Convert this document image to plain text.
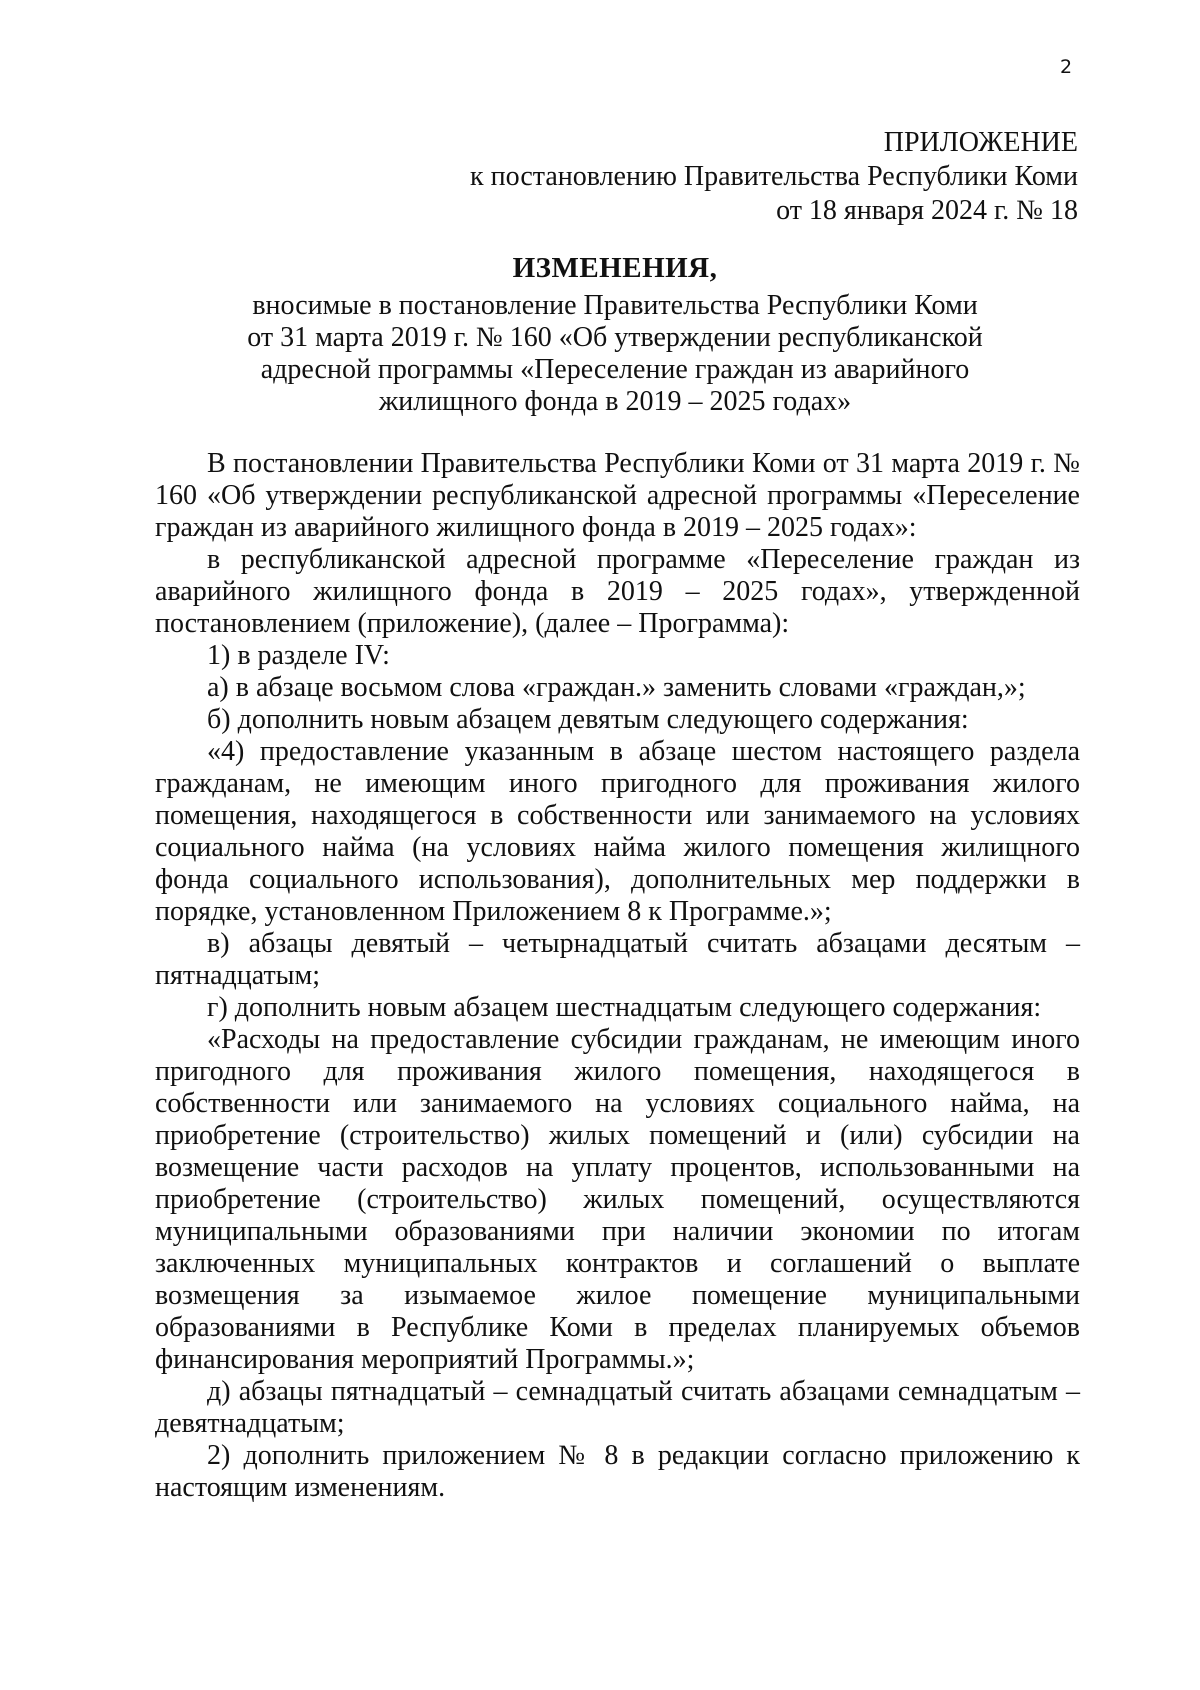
2
ПРИЛОЖЕНИЕ
к постановлению Правительства Республики Коми
от 18 января 2024 г. № 18
ИЗМЕНЕНИЯ,
вносимые в постановление Правительства Республики Коми
от 31 марта 2019 г. № 160 «Об утверждении республиканской
адресной программы «Переселение граждан из аварийного
жилищного фонда в 2019 – 2025 годах»

В постановлении Правительства Республики Коми от 31 марта 2019 г. № 160 «Об утверждении республиканской адресной программы «Переселение граждан из аварийного жилищного фонда в 2019 – 2025 годах»:

в республиканской адресной программе «Переселение граждан из аварийного жилищного фонда в 2019 – 2025 годах», утвержденной постановлением (приложение), (далее – Программа):

1) в разделе IV:

а) в абзаце восьмом слова «граждан.» заменить словами «граждан,»;

б) дополнить новым абзацем девятым следующего содержания:

«4) предоставление указанным в абзаце шестом настоящего раздела гражданам, не имеющим иного пригодного для проживания жилого помещения, находящегося в собственности или занимаемого на условиях социального найма (на условиях найма жилого помещения жилищного фонда социального использования), дополнительных мер поддержки в порядке, установленном Приложением 8 к Программе.»;

в) абзацы девятый – четырнадцатый считать абзацами десятым – пятнадцатым;

г) дополнить новым абзацем шестнадцатым следующего содержания:

«Расходы на предоставление субсидии гражданам, не имеющим иного пригодного для проживания жилого помещения, находящегося в собственности или занимаемого на условиях социального найма, на приобретение (строительство) жилых помещений и (или) субсидии на возмещение части расходов на уплату процентов, использованными на приобретение (строительство) жилых помещений, осуществляются муниципальными образованиями при наличии экономии по итогам заключенных муниципальных контрактов и соглашений о выплате возмещения за изымаемое жилое помещение муниципальными образованиями в Республике Коми в пределах планируемых объемов финансирования мероприятий Программы.»;

д) абзацы пятнадцатый – семнадцатый считать абзацами семнадцатым – девятнадцатым;

2) дополнить приложением № 8 в редакции согласно приложению к настоящим изменениям.
